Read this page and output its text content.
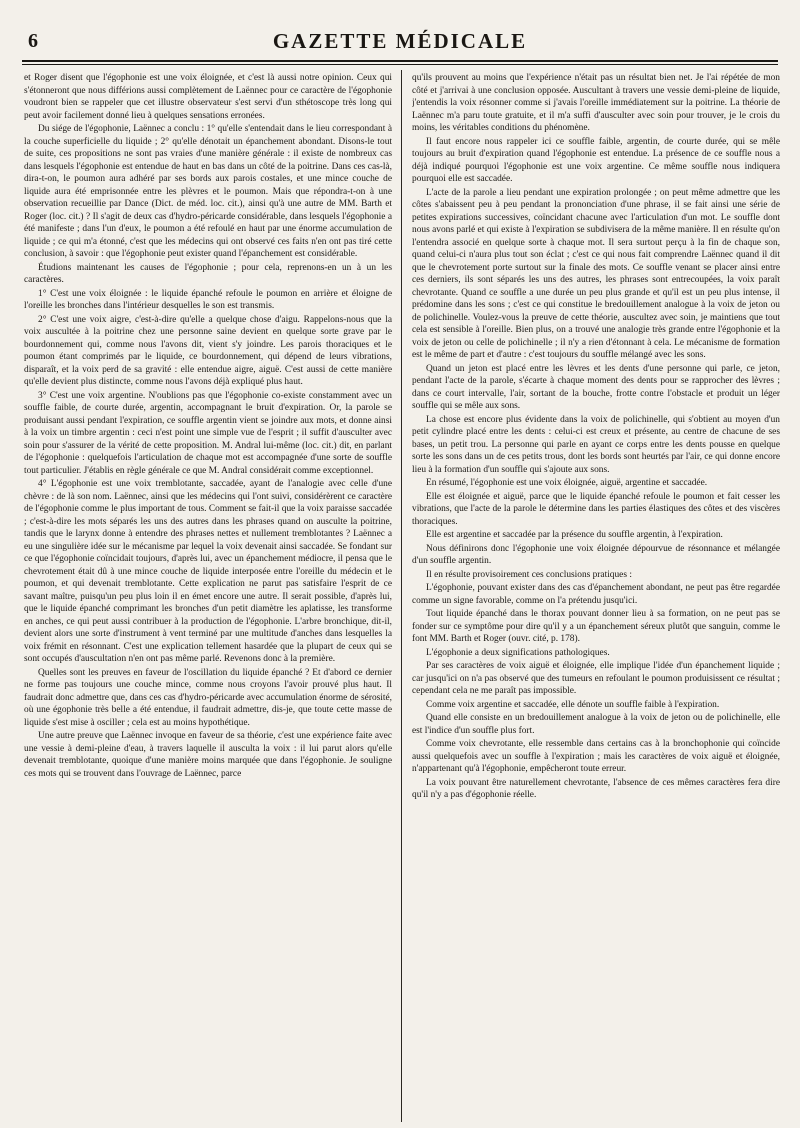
6	GAZETTE MÉDICALE

et Roger disent que l'égophonie est une voix éloignée, et c'est là aussi notre opinion. Ceux qui s'étonneront que nous différions aussi complètement de Laënnec pour ce caractère de l'égophonie voudront bien se rappeler que cet illustre observateur s'est servi d'un sthétoscope très long qui peut avoir facilement donné lieu à quelques sensations erronées.

Du siége de l'égophonie, Laënnec a conclu : 1° qu'elle s'entendait dans le lieu correspondant à la couche superficielle du liquide ; 2° qu'elle dénotait un épanchement abondant. Disons-le tout de suite, ces propositions ne sont pas vraies d'une manière générale : il existe de nombreux cas dans lesquels l'égophonie est entendue de haut en bas dans un côté de la poitrine. Dans ces cas-là, dira-t-on, le poumon aura adhéré par ses bords aux parois costales, et une mince couche de liquide aura été emprisonnée entre les plèvres et le poumon. Mais que répondra-t-on à une observation recueillie par Dance (Dict. de méd. loc. cit.), ainsi qu'à une autre de MM. Barth et Roger (loc. cit.) ? Il s'agit de deux cas d'hydro-péricarde considérable, dans lesquels l'égophonie a été manifeste ; dans l'un d'eux, le poumon a été refoulé en haut par une énorme accumulation de liquide ; ce qui m'a étonné, c'est que les médecins qui ont observé ces faits n'en ont pas tiré cette conclusion, à savoir : que l'égophonie peut exister quand l'épanchement est considérable.

Étudions maintenant les causes de l'égophonie ; pour cela, reprenons-en un à un les caractères.

1° C'est une voix éloignée : le liquide épanché refoule le poumon en arrière et éloigne de l'oreille les bronches dans l'intérieur desquelles le son est transmis.

2° C'est une voix aigre, c'est-à-dire qu'elle a quelque chose d'aigu. Rappelons-nous que la voix auscultée à la poitrine chez une personne saine devient en quelque sorte grave par le bourdonnement qui, comme nous l'avons dit, vient s'y joindre. Les parois thoraciques et le poumon étant comprimés par le liquide, ce bourdonnement, qui dépend de leurs vibrations, disparaît, et la voix perd de sa gravité : elle entendue aigre, aiguë. C'est aussi de cette manière qu'elle devient plus distincte, comme nous l'avons déjà expliqué plus haut.

3° C'est une voix argentine. N'oublions pas que l'égophonie co-existe constamment avec un souffle faible, de courte durée, argentin, accompagnant le bruit d'expiration. Or, la parole se produisant aussi pendant l'expiration, ce souffle argentin vient se joindre aux mots, et donne ainsi à la voix un timbre argentin : ceci n'est point une simple vue de l'esprit ; il suffit d'ausculter avec soin pour s'assurer de la vérité de cette proposition. M. Andral lui-même (loc. cit.) dit, en parlant de l'égophonie : quelquefois l'articulation de chaque mot est accompagnée d'une sorte de souffle tout particulier. J'établis en règle générale ce que M. Andral considérait comme exceptionnel.

4° L'égophonie est une voix tremblotante, saccadée, ayant de l'analogie avec celle d'une chèvre : de là son nom. Laënnec, ainsi que les médecins qui l'ont suivi, considérèrent ce caractère de l'égophonie comme le plus important de tous. Comment se fait-il que la voix paraisse saccadée ; c'est-à-dire les mots séparés les uns des autres dans les phrases quand on ausculte la poitrine, tandis que le larynx donne à entendre des phrases nettes et nullement tremblotantes ? Laënnec a eu une singulière idée sur le mécanisme par lequel la voix devenait ainsi saccadée. Se fondant sur ce que l'égophonie coïncidait toujours, d'après lui, avec un épanchement médiocre, il pensa que le chevrotement était dû à une mince couche de liquide interposée entre l'oreille du médecin et le poumon, et qui devenait tremblotante. Cette explication ne parut pas satisfaire l'esprit de ce savant maître, puisqu'un peu plus loin il en émet encore une autre. Il serait possible, d'après lui, que le liquide épanché comprimant les bronches d'un petit diamètre les aplatisse, les transforme en anches, ce qui peut aussi contribuer à la production de l'égophonie. L'arbre bronchique, dit-il, devient alors une sorte d'instrument à vent terminé par une multitude d'anches dans lesquelles la voix frémit en résonnant. C'est une explication tellement hasardée que la plupart de ceux qui se sont occupés d'auscultation n'en ont pas même parlé. Revenons donc à la première.

Quelles sont les preuves en faveur de l'oscillation du liquide épanché ? Et d'abord ce dernier ne forme pas toujours une couche mince, comme nous croyons l'avoir prouvé plus haut. Il faudrait donc admettre que, dans ces cas d'hydro-péricarde avec accumulation énorme de sérosité, où une égophonie très belle a été entendue, il faudrait admettre, dis-je, que toute cette masse de liquide s'est mise à osciller ; cela est au moins hypothétique.

Une autre preuve que Laënnec invoque en faveur de sa théorie, c'est une expérience faite avec une vessie à demi-pleine d'eau, à travers laquelle il ausculta la voix : il lui parut alors qu'elle devenait tremblotante, quoique d'une manière moins marquée que dans l'égophonie. Je souligne ces mots qui se trouvent dans l'ouvrage de Laënnec, parce

qu'ils prouvent au moins que l'expérience n'était pas un résultat bien net. Je l'ai répétée de mon côté et j'arrivai à une conclusion opposée. Auscultant à travers une vessie demi-pleine de liquide, j'entendis la voix résonner comme si j'avais l'oreille immédiatement sur la poitrine. La théorie de Laënnec m'a paru toute gratuite, et il m'a suffi d'ausculter avec soin pour trouver, je le crois du moins, les véritables conditions du phénomène.

Il faut encore nous rappeler ici ce souffle faible, argentin, de courte durée, qui se mêle toujours au bruit d'expiration quand l'égophonie est entendue. La présence de ce souffle nous a déjà indiqué pourquoi l'égophonie est une voix argentine. Ce même souffle nous indiquera pourquoi elle est saccadée.

L'acte de la parole a lieu pendant une expiration prolongée ; on peut même admettre que les côtes s'abaissent peu à peu pendant la prononciation d'une phrase, il se fait ainsi une série de petites expirations successives, coïncidant chacune avec l'articulation d'un mot. Le souffle dont nous avons parlé et qui existe à l'expiration se subdivisera de la même manière. Il en résulte qu'on l'entendra associé en quelque sorte à chaque mot. Il sera surtout perçu à la fin de chaque son, quand celui-ci n'aura plus tout son éclat ; c'est ce qui nous fait comprendre Laënnec quand il dit que le chevrotement porte surtout sur la finale des mots. Ce souffle venant se placer ainsi entre ces derniers, ils sont séparés les uns des autres, les phrases sont entrecoupées, la voix paraît chevrotante. Quand ce souffle a une durée un peu plus grande et qu'il est un peu plus intense, il prédomine dans les sons ; c'est ce qui constitue le bredouillement analogue à la voix de jeton ou de polichinelle. Voulez-vous la preuve de cette théorie, auscultez avec soin, je maintiens que tout cela est sensible à l'oreille. Bien plus, on a trouvé une analogie très grande entre l'égophonie et la voix de jeton ou celle de polichinelle ; il n'y a rien d'étonnant à cela. Le mécanisme de formation est le même de part et d'autre : c'est toujours du souffle mélangé avec les sons.

Quand un jeton est placé entre les lèvres et les dents d'une personne qui parle, ce jeton, pendant l'acte de la parole, s'écarte à chaque moment des dents pour se rapprocher des lèvres ; dans ce court intervalle, l'air, sortant de la bouche, frotte contre l'obstacle et produit un léger souffle qui se mêle aux sons.

La chose est encore plus évidente dans la voix de polichinelle, qui s'obtient au moyen d'un petit cylindre placé entre les dents : celui-ci est creux et présente, au centre de chacune de ses bases, un petit trou. La personne qui parle en ayant ce corps entre les dents pousse en quelque sorte les sons dans un de ces petits trous, dont les bords sont heurtés par l'air, ce qui donne encore lieu à la formation d'un souffle qui s'ajoute aux sons.

En résumé, l'égophonie est une voix éloignée, aiguë, argentine et saccadée.

Elle est éloignée et aiguë, parce que le liquide épanché refoule le poumon et fait cesser les vibrations, que l'acte de la parole le détermine dans les parties élastiques des côtes et des viscères thoraciques.

Elle est argentine et saccadée par la présence du souffle argentin, à l'expiration.

Nous définirons donc l'égophonie une voix éloignée dépourvue de résonnance et mélangée d'un souffle argentin.

Il en résulte provisoirement ces conclusions pratiques :

L'égophonie, pouvant exister dans des cas d'épanchement abondant, ne peut pas être regardée comme un signe favorable, comme on l'a prétendu jusqu'ici.

Tout liquide épanché dans le thorax pouvant donner lieu à sa formation, on ne peut pas se fonder sur ce symptôme pour dire qu'il y a un épanchement séreux plutôt que sanguin, comme le font MM. Barth et Roger (ouvr. cité, p. 178).

L'égophonie a deux significations pathologiques.

Par ses caractères de voix aiguë et éloignée, elle implique l'idée d'un épanchement liquide ; car jusqu'ici on n'a pas observé que des tumeurs en refoulant le poumon produisissent ce résultat ; cependant cela ne me paraît pas impossible.

Comme voix argentine et saccadée, elle dénote un souffle faible à l'expiration.

Quand elle consiste en un bredouillement analogue à la voix de jeton ou de polichinelle, elle est l'indice d'un souffle plus fort.

Comme voix chevrotante, elle ressemble dans certains cas à la bronchophonie qui coïncide aussi quelquefois avec un souffle à l'expiration ; mais les caractères de voix aiguë et éloignée, n'appartenant qu'à l'égophonie, empêcheront toute erreur.

La voix pouvant être naturellement chevrotante, l'absence de ces mêmes caractères fera dire qu'il n'y a pas d'égophonie réelle.
